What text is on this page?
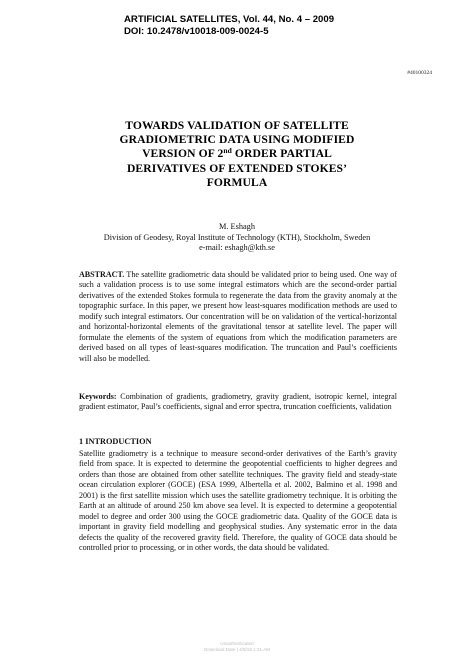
ARTIFICIAL SATELLITES, Vol. 44, No. 4 – 2009
DOI: 10.2478/v10018-009-0024-5
#40100324
TOWARDS VALIDATION OF SATELLITE
GRADIOMETRIC DATA USING MODIFIED
VERSION OF 2nd ORDER PARTIAL
DERIVATIVES OF EXTENDED STOKES’
FORMULA
M. Eshagh
Division of Geodesy, Royal Institute of Technology (KTH), Stockholm, Sweden
e-mail: eshagh@kth.se
ABSTRACT. The satellite gradiometric data should be validated prior to being used. One way of such a validation process is to use some integral estimators which are the second-order partial derivatives of the extended Stokes formula to regenerate the data from the gravity anomaly at the topographic surface. In this paper, we present how least-squares modification methods are used to modify such integral estimators. Our concentration will be on validation of the vertical-horizontal and horizontal-horizontal elements of the gravitational tensor at satellite level. The paper will formulate the elements of the system of equations from which the modification parameters are derived based on all types of least-squares modification. The truncation and Paul’s coefficients will also be modelled.
Keywords: Combination of gradients, gradiometry, gravity gradient, isotropic kernel, integral gradient estimator, Paul’s coefficients, signal and error spectra, truncation coefficients, validation
1 INTRODUCTION
Satellite gradiometry is a technique to measure second-order derivatives of the Earth’s gravity field from space. It is expected to determine the geopotential coefficients to higher degrees and orders than those are obtained from other satellite techniques. The gravity field and steady-state ocean circulation explorer (GOCE) (ESA 1999, Albertella et al. 2002, Balmino et al. 1998 and 2001) is the first satellite mission which uses the satellite gradiometry technique. It is orbiting the Earth at an altitude of around 250 km above sea level. It is expected to determine a geopotential model to degree and order 300 using the GOCE gradiometric data. Quality of the GOCE data is important in gravity field modelling and geophysical studies. Any systematic error in the data defects the quality of the recovered gravity field. Therefore, the quality of GOCE data should be controlled prior to processing, or in other words, the data should be validated.
Unauthenticated
Download Date | 4/9/18 1:31 AM
